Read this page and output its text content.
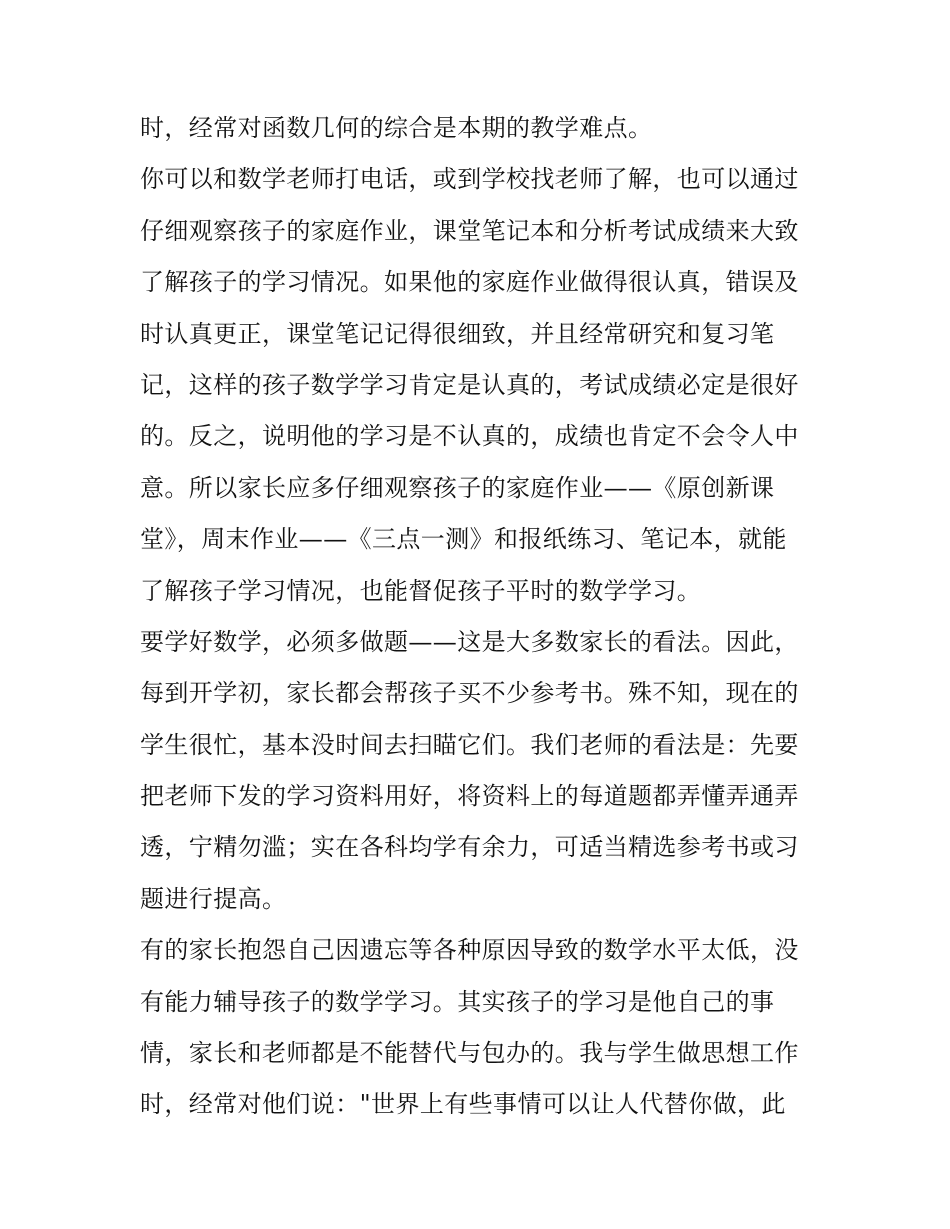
时，经常对函数几何的综合是本期的教学难点。
你可以和数学老师打电话，或到学校找老师了解，也可以通过
仔细观察孩子的家庭作业，课堂笔记本和分析考试成绩来大致
了解孩子的学习情况。如果他的家庭作业做得很认真，错误及
时认真更正，课堂笔记记得很细致，并且经常研究和复习笔
记，这样的孩子数学学习肯定是认真的，考试成绩必定是很好
的。反之，说明他的学习是不认真的，成绩也肯定不会令人中
意。所以家长应多仔细观察孩子的家庭作业——《原创新课
堂》，周末作业——《三点一测》和报纸练习、笔记本，就能
了解孩子学习情况，也能督促孩子平时的数学学习。
要学好数学，必须多做题——这是大多数家长的看法。因此，
每到开学初，家长都会帮孩子买不少参考书。殊不知，现在的
学生很忙，基本没时间去扫瞄它们。我们老师的看法是：先要
把老师下发的学习资料用好，将资料上的每道题都弄懂弄通弄
透，宁精勿滥；实在各科均学有余力，可适当精选参考书或习
题进行提高。
有的家长抱怨自己因遗忘等各种原因导致的数学水平太低，没
有能力辅导孩子的数学学习。其实孩子的学习是他自己的事
情，家长和老师都是不能替代与包办的。我与学生做思想工作
时，经常对他们说："世界上有些事情可以让人代替你做，此
